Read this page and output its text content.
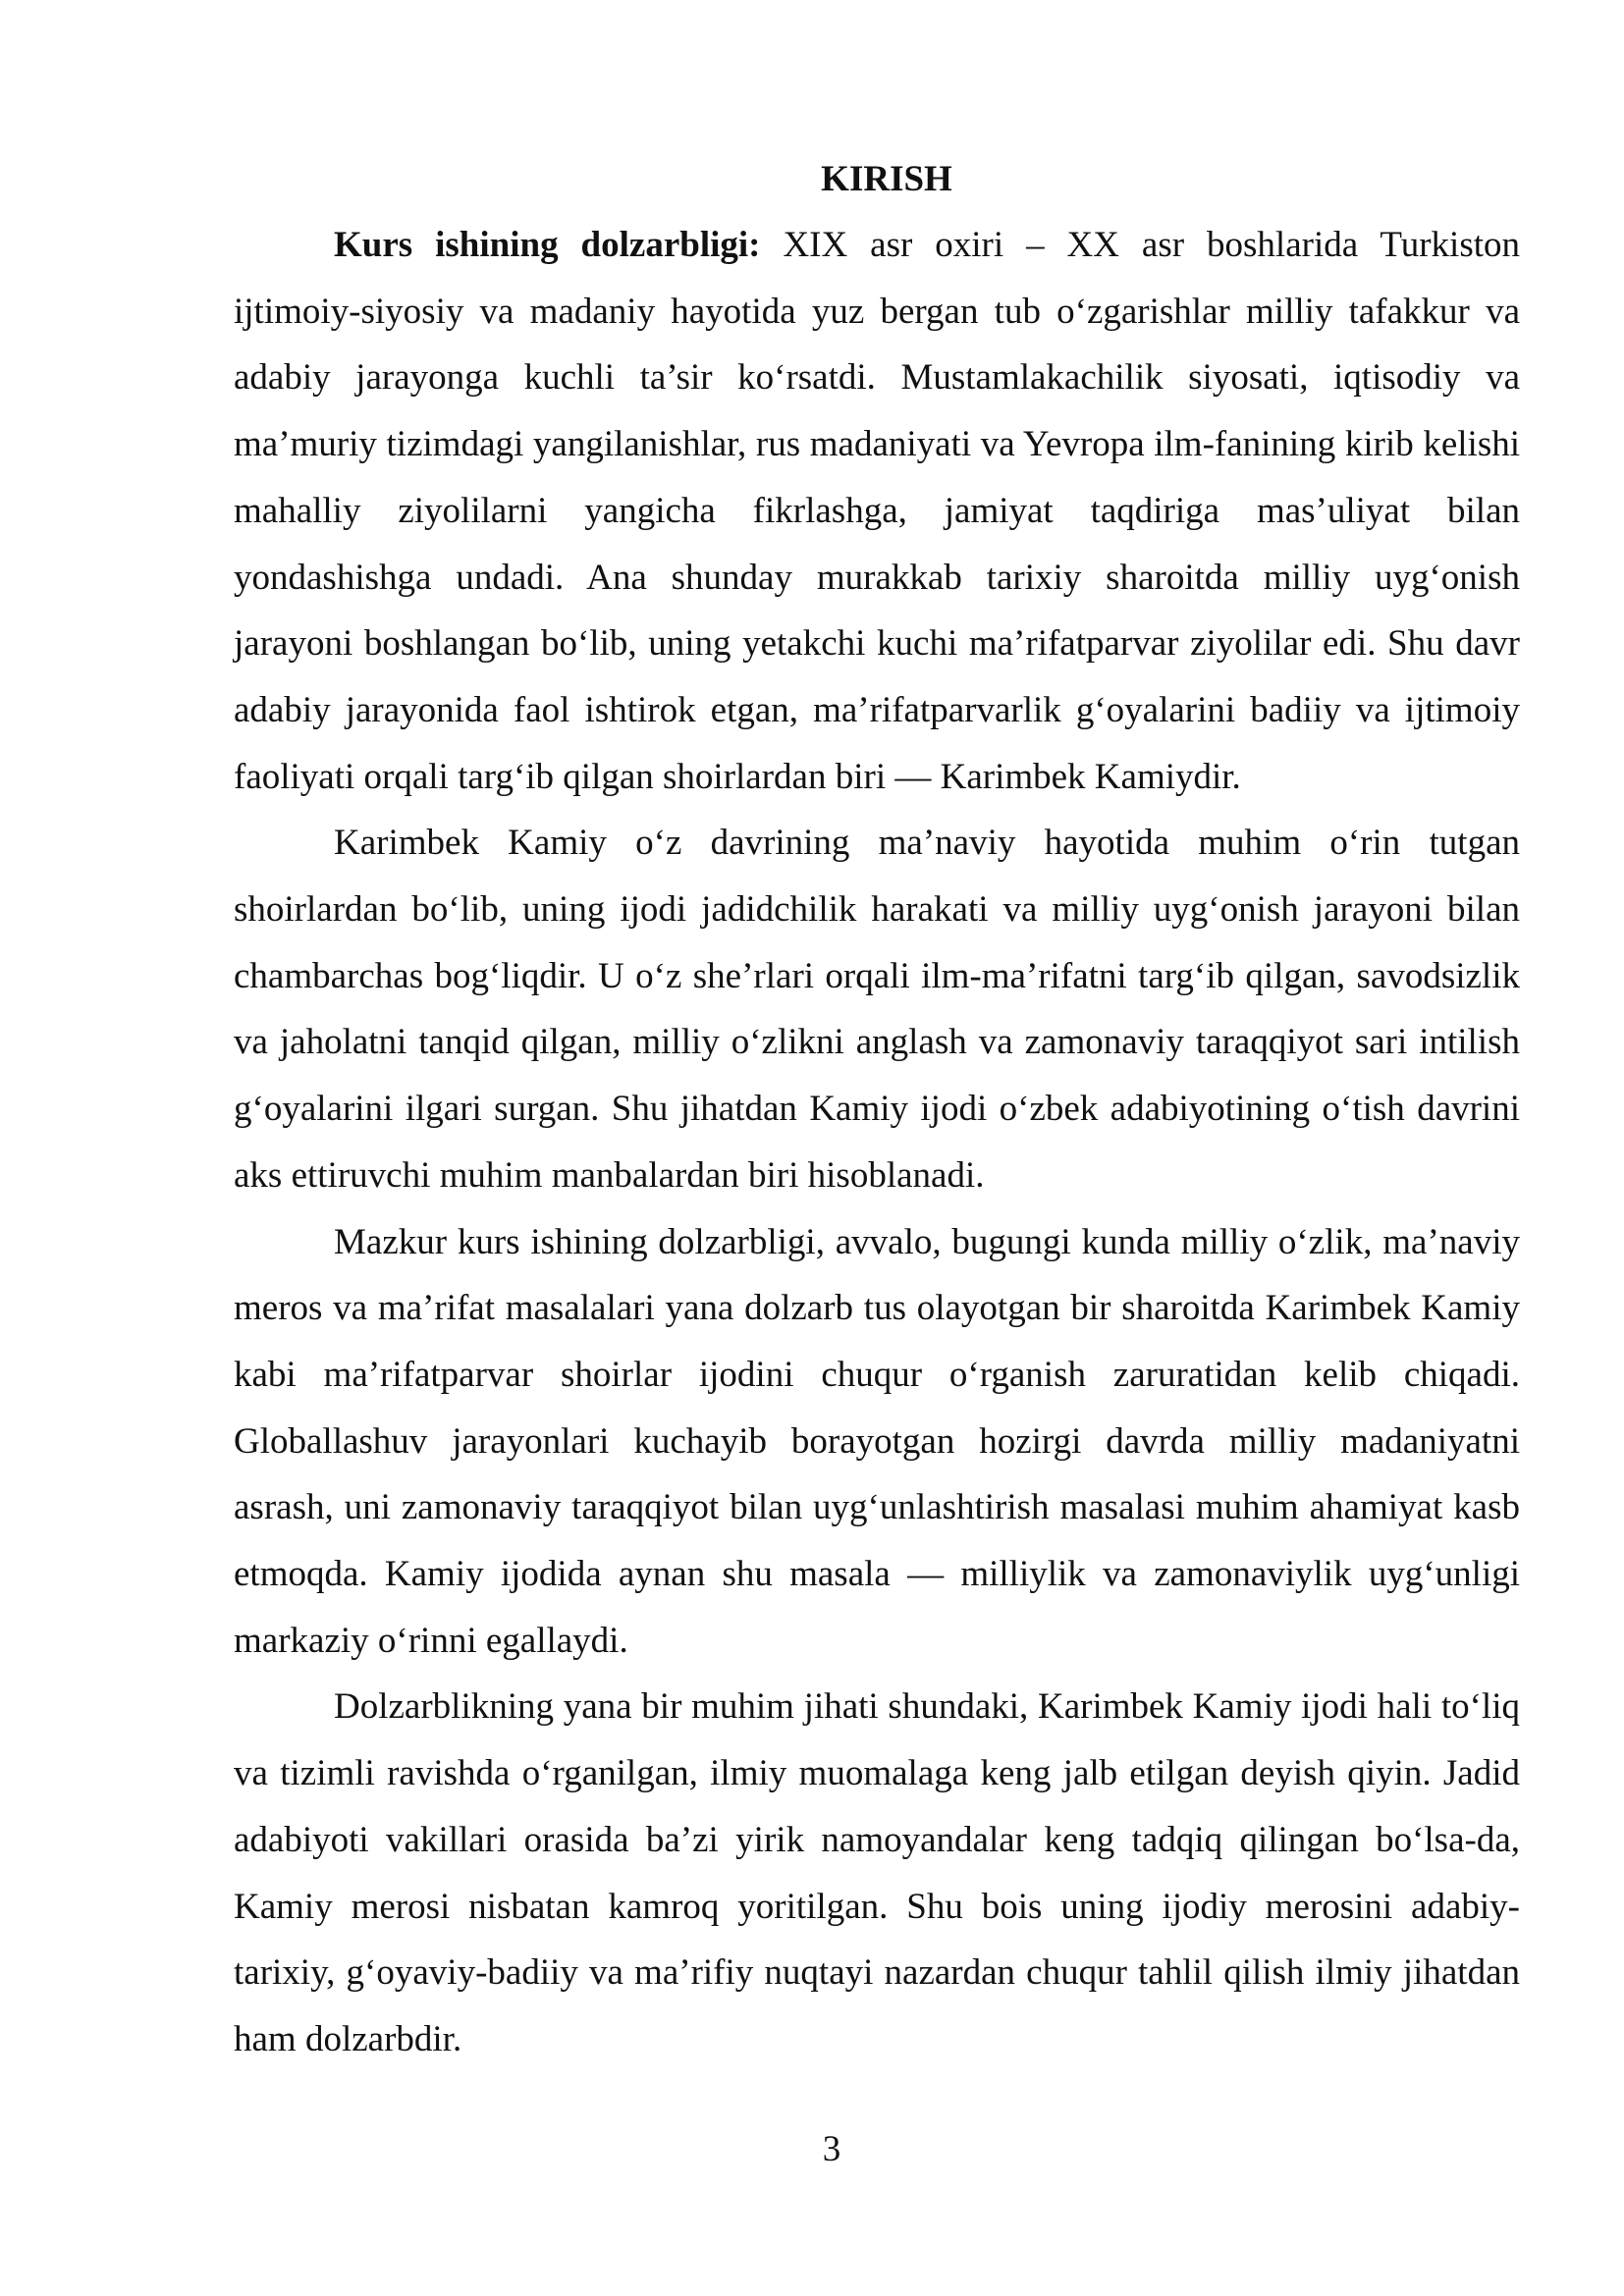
KIRISH

Kurs ishining dolzarbligi: XIX asr oxiri – XX asr boshlarida Turkiston ijtimoiy-siyosiy va madaniy hayotida yuz bergan tub o‘zgarishlar milliy tafakkur va adabiy jarayonga kuchli ta’sir ko‘rsatdi. Mustamlakachilik siyosati, iqtisodiy va ma’muriy tizimdagi yangilanishlar, rus madaniyati va Yevropa ilm-fanining kirib kelishi mahalliy ziyolilarni yangicha fikrlashga, jamiyat taqdiriga mas’uliyat bilan yondashishga undadi. Ana shunday murakkab tarixiy sharoitda milliy uyg‘onish jarayoni boshlangan bo‘lib, uning yetakchi kuchi ma’rifatparvar ziyolilar edi. Shu davr adabiy jarayonida faol ishtirok etgan, ma’rifatparvarlik g‘oyalarini badiiy va ijtimoiy faoliyati orqali targ‘ib qilgan shoirlardan biri — Karimbek Kamiydir.

Karimbek Kamiy o‘z davrining ma’naviy hayotida muhim o‘rin tutgan shoirlardan bo‘lib, uning ijodi jadidchilik harakati va milliy uyg‘onish jarayoni bilan chambarchas bog‘liqdir. U o‘z she’rlari orqali ilm-ma’rifatni targ‘ib qilgan, savodsizlik va jaholatni tanqid qilgan, milliy o‘zlikni anglash va zamonaviy taraqqiyot sari intilish g‘oyalarini ilgari surgan. Shu jihatdan Kamiy ijodi o‘zbek adabiyotining o‘tish davrini aks ettiruvchi muhim manbalardan biri hisoblanadi.

Mazkur kurs ishining dolzarbligi, avvalo, bugungi kunda milliy o‘zlik, ma’naviy meros va ma’rifat masalalari yana dolzarb tus olayotgan bir sharoitda Karimbek Kamiy kabi ma’rifatparvar shoirlar ijodini chuqur o‘rganish zaruratidan kelib chiqadi. Globallashuv jarayonlari kuchayib borayotgan hozirgi davrda milliy madaniyatni asrash, uni zamonaviy taraqqiyot bilan uyg‘unlashtirish masalasi muhim ahamiyat kasb etmoqda. Kamiy ijodida aynan shu masala — milliylik va zamonaviylik uyg‘unligi markaziy o‘rinni egallaydi.

Dolzarblikning yana bir muhim jihati shundaki, Karimbek Kamiy ijodi hali to‘liq va tizimli ravishda o‘rganilgan, ilmiy muomalaga keng jalb etilgan deyish qiyin. Jadid adabiyoti vakillari orasida ba’zi yirik namoyandalar keng tadqiq qilingan bo‘lsa-da, Kamiy merosi nisbatan kamroq yoritilgan. Shu bois uning ijodiy merosini adabiy-tarixiy, g‘oyaviy-badiiy va ma’rifiy nuqtayi nazardan chuqur tahlil qilish ilmiy jihatdan ham dolzarbdir.

3
